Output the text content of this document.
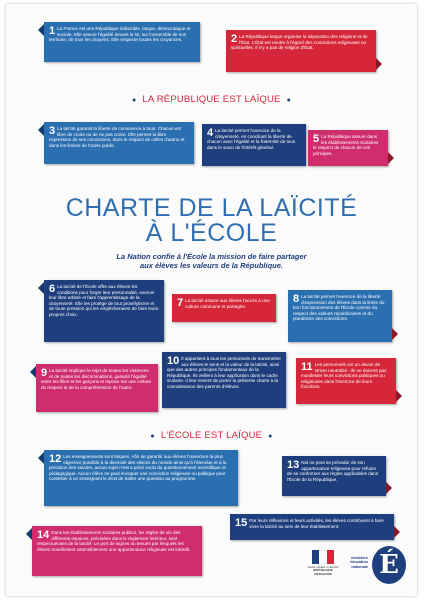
1 La France est une République indivisible, laïque, démocratique et sociale. Elle assure l'égalité devant la loi, sur l'ensemble de son territoire, de tous les citoyens. Elle respecte toutes les croyances.	2 La République laïque organise la séparation des religions et de l'État. L'État est neutre à l'égard des convictions religieuses ou spirituelles. Il n'y a pas de religion d'État.
● LA RÉPUBLIQUE EST LAÏQUE ●
3 La laïcité garantit la liberté de conscience à tous. Chacun est libre de croire ou de ne pas croire. Elle permet la libre expression de ses convictions, dans le respect de celles d'autrui et dans les limites de l'ordre public.
4 La laïcité permet l'exercice de la citoyenneté, en conciliant la liberté de chacun avec l'égalité et la fraternité de tous dans le souci de l'intérêt général.
5 La République assure dans les établissements scolaires le respect de chacun de ces principes.
CHARTE DE LA LAÏCITÉ
À L'ÉCOLE
La Nation confie à l'École la mission de faire partager
aux élèves les valeurs de la République.
6 La laïcité de l'École offre aux élèves les conditions pour forger leur personnalité, exercer leur libre arbitre et faire l'apprentissage de la citoyenneté. Elle les protège de tout prosélytisme et de toute pression qui les empêcheraient de faire leurs propres choix.
7 La laïcité assure aux élèves l'accès à une culture commune et partagée.
8 La laïcité permet l'exercice de la liberté d'expression des élèves dans la limite du bon fonctionnement de l'École comme du respect des valeurs républicaines et du pluralisme des convictions.
9 La laïcité implique le rejet de toutes les violences et de toutes les discriminations, garantit l'égalité entre les filles et les garçons et repose sur une culture du respect et de la compréhension de l'autre.
10 Il appartient à tous les personnels de transmettre aux élèves le sens et la valeur de la laïcité, ainsi que des autres principes fondamentaux de la République. Ils veillent à leur application dans le cadre scolaire. Il leur revient de porter la présente charte à la connaissance des parents d'élèves.
11 Les personnels ont un devoir de stricte neutralité : ils ne doivent pas manifester leurs convictions politiques ou religieuses dans l'exercice de leurs fonctions.
● L'ÉCOLE EST LAÏQUE ●
12 Les enseignements sont laïques. Afin de garantir aux élèves l'ouverture la plus objective possible à la diversité des visions du monde ainsi qu'à l'étendue et à la précision des savoirs, aucun sujet n'est a priori exclu du questionnement scientifique et pédagogique. Aucun élève ne peut invoquer une conviction religieuse ou politique pour contester à un enseignant le droit de traiter une question au programme.
13 Nul ne peut se prévaloir de son appartenance religieuse pour refuser de se conformer aux règles applicables dans l'École de la République.
14 Dans les établissements scolaires publics, les règles de vie des différents espaces, précisées dans le règlement intérieur, sont respectueuses de la laïcité. Le port de signes ou tenues par lesquels les élèves manifestent ostensiblement une appartenance religieuse est interdit.
15 Par leurs réflexions et leurs activités, les élèves contribuent à faire vivre la laïcité au sein de leur établissement.
Liberté • Égalité • Fraternité
RÉPUBLIQUE FRANÇAISE
ministère
éducation
nationale É
